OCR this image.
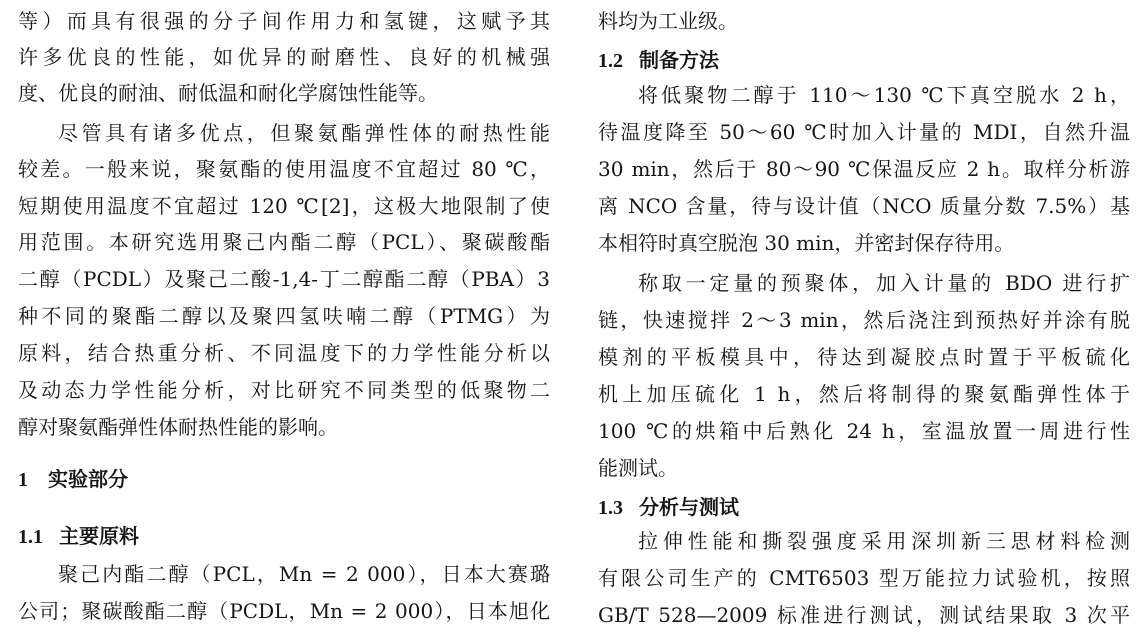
等）而具有很强的分子间作用力和氢键，这赋予其
许多优良的性能，如优异的耐磨性、良好的机械强
度、优良的耐油、耐低温和耐化学腐蚀性能等。
尽管具有诸多优点，但聚氨酯弹性体的耐热性能
较差。一般来说，聚氨酯的使用温度不宜超过 80 ℃，
短期使用温度不宜超过 120 ℃[2]，这极大地限制了使
用范围。本研究选用聚己内酯二醇（PCL）、聚碳酸酯
二醇（PCDL）及聚己二酸-1,4-丁二醇酯二醇（PBA）3
种不同的聚酯二醇以及聚四氢呋喃二醇（PTMG）为
原料，结合热重分析、不同温度下的力学性能分析以
及动态力学性能分析，对比研究不同类型的低聚物二
醇对聚氨酯弹性体耐热性能的影响。
1 实验部分
1.1 主要原料
聚己内酯二醇（PCL，Mn = 2 000），日本大赛璐
公司；聚碳酸酯二醇（PCDL，Mn = 2 000），日本旭化
料均为工业级。
1.2 制备方法
将低聚物二醇于 110～130 ℃下真空脱水 2 h，
待温度降至 50～60 ℃时加入计量的 MDI，自然升温
30 min，然后于 80～90 ℃保温反应 2 h。取样分析游
离 NCO 含量，待与设计值（NCO 质量分数 7.5%）基
本相符时真空脱泡 30 min，并密封保存待用。
称取一定量的预聚体，加入计量的 BDO 进行扩
链，快速搅拌 2～3 min，然后浇注到预热好并涂有脱
模剂的平板模具中，待达到凝胶点时置于平板硫化
机上加压硫化 1 h，然后将制得的聚氨酯弹性体于
100 ℃的烘箱中后熟化 24 h，室温放置一周进行性
能测试。
1.3 分析与测试
拉伸性能和撕裂强度采用深圳新三思材料检测
有限公司生产的 CMT6503 型万能拉力试验机，按照
GB/T 528—2009 标准进行测试，测试结果取 3 次平
